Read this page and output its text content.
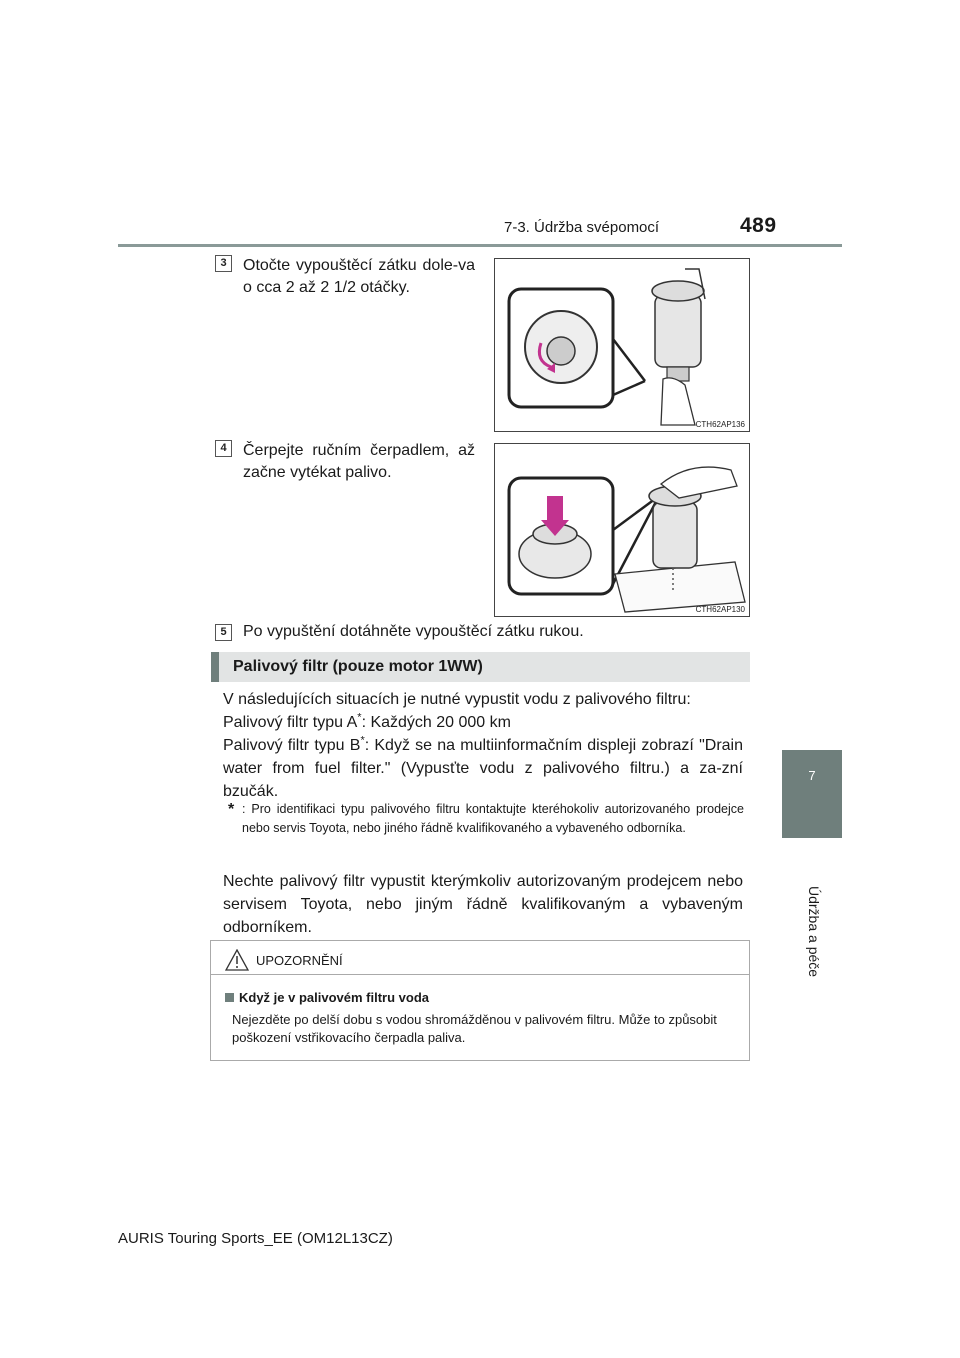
7-3. Údržba svépomocí	489
7
Údržba a péče
3	Otočte vypouštěcí zátku dole-va o cca 2 až 2 1/2 otáčky.
CTH62AP136
4	Čerpejte ručním čerpadlem, až začne vytékat palivo.
CTH62AP130
5	Po vypuštění dotáhněte vypouštěcí zátku rukou.
Palivový filtr (pouze motor 1WW)
V následujících situacích je nutné vypustit vodu z palivového filtru:
Palivový filtr typu A*: Každých 20 000 km
Palivový filtr typu B*: Když se na multiinformačním displeji zobrazí "Drain water from fuel filter." (Vypusťte vodu z palivového filtru.) a za-zní bzučák.
* : Pro identifikaci typu palivového filtru kontaktujte kteréhokoliv autorizovaného prodejce nebo servis Toyota, nebo jiného řádně kvalifikovaného a vybaveného odborníka.
Nechte palivový filtr vypustit kterýmkoliv autorizovaným prodejcem nebo servisem Toyota, nebo jiným řádně kvalifikovaným a vybaveným odborníkem.
UPOZORNĚNÍ
Když je v palivovém filtru voda
Nejezděte po delší dobu s vodou shromážděnou v palivovém filtru. Může to způsobit poškození vstřikovacího čerpadla paliva.
AURIS Touring Sports_EE (OM12L13CZ)
